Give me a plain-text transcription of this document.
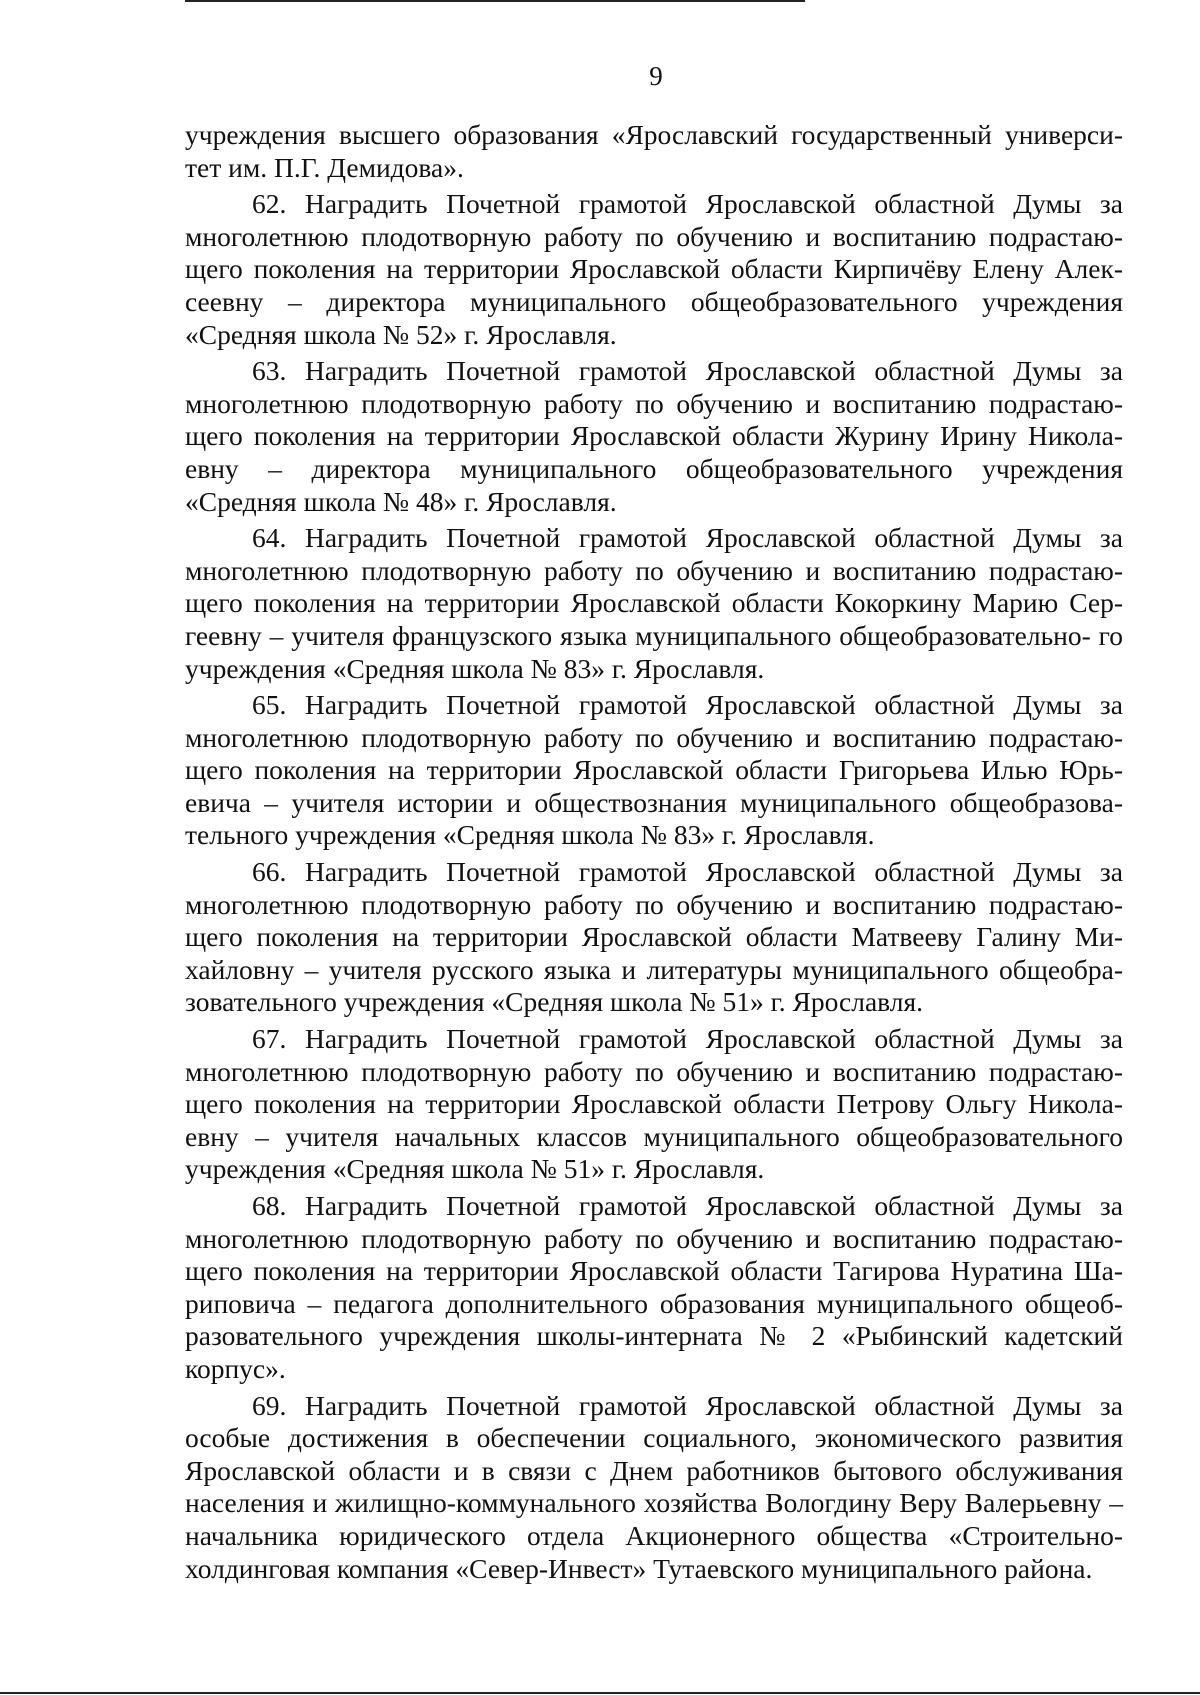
9

учреждения высшего образования «Ярославский государственный универси- тет им. П.Г. Демидова».

62. Наградить Почетной грамотой Ярославской областной Думы за многолетнюю плодотворную работу по обучению и воспитанию подрастаю- щего поколения на территории Ярославской области Кирпичёву Елену Алек- сеевну – директора муниципального общеобразовательного учреждения «Средняя школа № 52» г. Ярославля.

63. Наградить Почетной грамотой Ярославской областной Думы за многолетнюю плодотворную работу по обучению и воспитанию подрастаю- щего поколения на территории Ярославской области Журину Ирину Никола- евну – директора муниципального общеобразовательного учреждения «Средняя школа № 48» г. Ярославля.

64. Наградить Почетной грамотой Ярославской областной Думы за многолетнюю плодотворную работу по обучению и воспитанию подрастаю- щего поколения на территории Ярославской области Кокоркину Марию Сер- геевну – учителя французского языка муниципального общеобразовательно- го учреждения «Средняя школа № 83» г. Ярославля.

65. Наградить Почетной грамотой Ярославской областной Думы за многолетнюю плодотворную работу по обучению и воспитанию подрастаю- щего поколения на территории Ярославской области Григорьева Илью Юрь- евича – учителя истории и обществознания муниципального общеобразова- тельного учреждения «Средняя школа № 83» г. Ярославля.

66. Наградить Почетной грамотой Ярославской областной Думы за многолетнюю плодотворную работу по обучению и воспитанию подрастаю- щего поколения на территории Ярославской области Матвееву Галину Ми- хайловну – учителя русского языка и литературы муниципального общеобра- зовательного учреждения «Средняя школа № 51» г. Ярославля.

67. Наградить Почетной грамотой Ярославской областной Думы за многолетнюю плодотворную работу по обучению и воспитанию подрастаю- щего поколения на территории Ярославской области Петрову Ольгу Никола- евну – учителя начальных классов муниципального общеобразовательного учреждения «Средняя школа № 51» г. Ярославля.

68. Наградить Почетной грамотой Ярославской областной Думы за многолетнюю плодотворную работу по обучению и воспитанию подрастаю- щего поколения на территории Ярославской области Тагирова Нуратина Ша- риповича – педагога дополнительного образования муниципального общеоб- разовательного учреждения школы-интерната № 2 «Рыбинский кадетский корпус».

69. Наградить Почетной грамотой Ярославской областной Думы за особые достижения в обеспечении социального, экономического развития Ярославской области и в связи с Днем работников бытового обслуживания населения и жилищно-коммунального хозяйства Вологдину Веру Валерьевну – начальника юридического отдела Акционерного общества «Строительно- холдинговая компания «Север-Инвест» Тутаевского муниципального района.
